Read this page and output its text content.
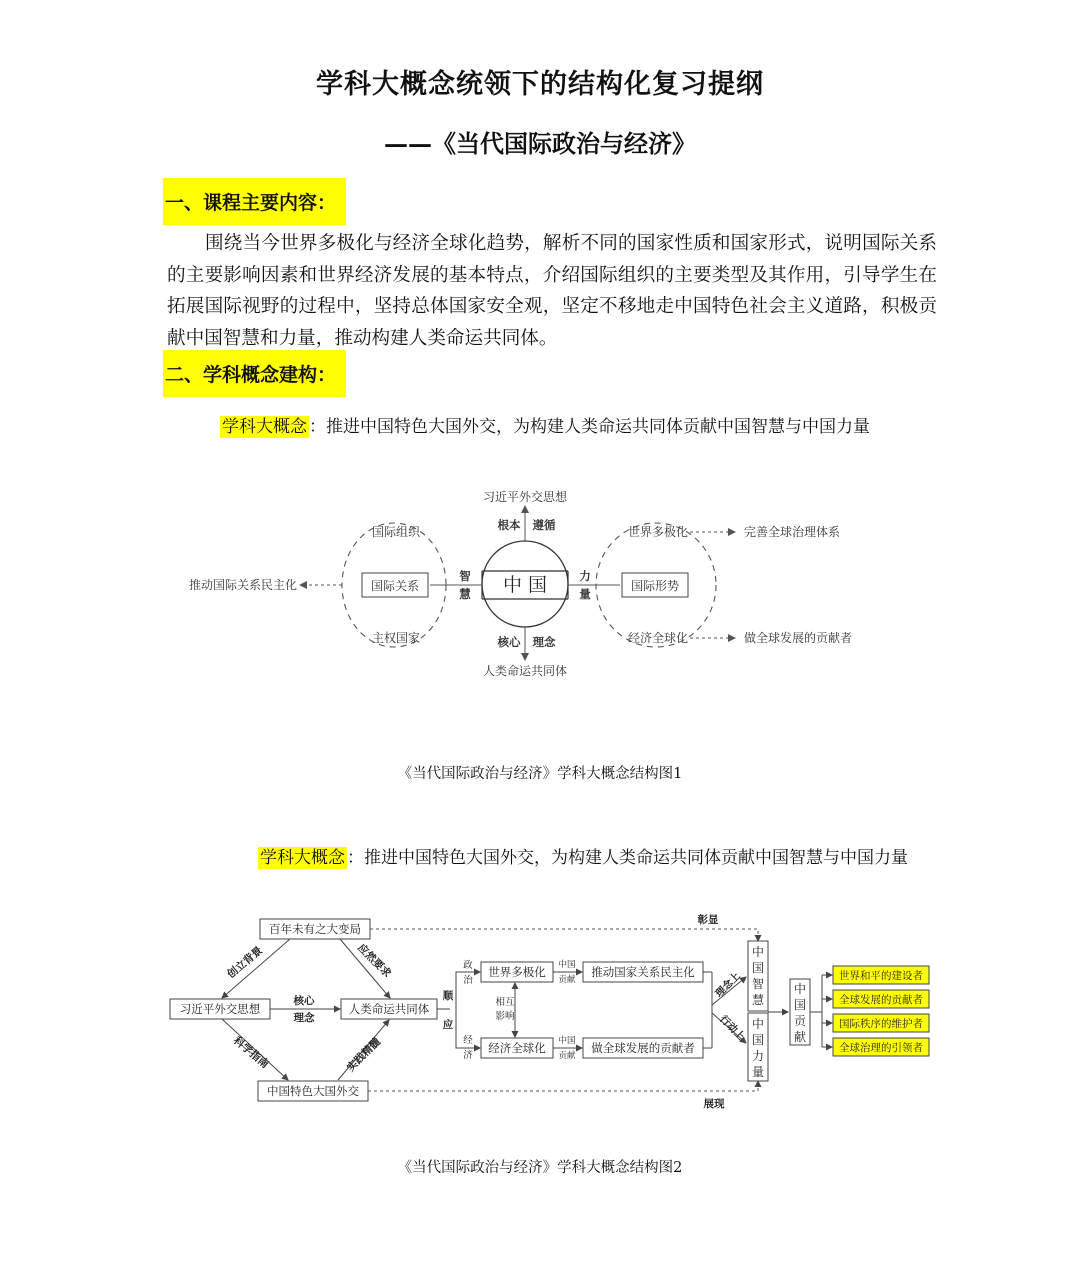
学科大概念统领下的结构化复习提纲
——《当代国际政治与经济》
一、课程主要内容：
围绕当今世界多极化与经济全球化趋势，解析不同的国家性质和国家形式，说明国际关系的主要影响因素和世界经济发展的基本特点，介绍国际组织的主要类型及其作用，引导学生在拓展国际视野的过程中，坚持总体国家安全观，坚定不移地走中国特色社会主义道路，积极贡献中国智慧和力量，推动构建人类命运共同体。
二、学科概念建构：
学科大概念 ：推进中国特色大国外交，为构建人类命运共同体贡献中国智慧与中国力量
中 国
习近平外交思想
根本 遵循
核心 理念
人类命运共同体
智
慧
力
量
国际关系
国际组织
主权国家
推动国际关系民主化	国际形势
世界多极化
经济全球化
完善全球治理体系
做全球发展的贡献者
《当代国际政治与经济》学科大概念结构图1
学科大概念 ：推进中国特色大国外交，为构建人类命运共同体贡献中国智慧与中国力量
百年未有之大变局
习近平外交思想	人类命运共同体
中国特色大国外交
创立背景	应然要求
科学指南	实践精髓
核心
理念
彰显
展现
顺
应
政
治
经
济
世界多极化
经济全球化
相互
影响
中国
贡献
中国
贡献
推动国家关系民主化
做全球发展的贡献者
理念上
行动上
中
国
智
慧
中
国
力
量
中
国
贡
献
世界和平的建设者
全球发展的贡献者
国际秩序的维护者
全球治理的引领者
《当代国际政治与经济》学科大概念结构图2
